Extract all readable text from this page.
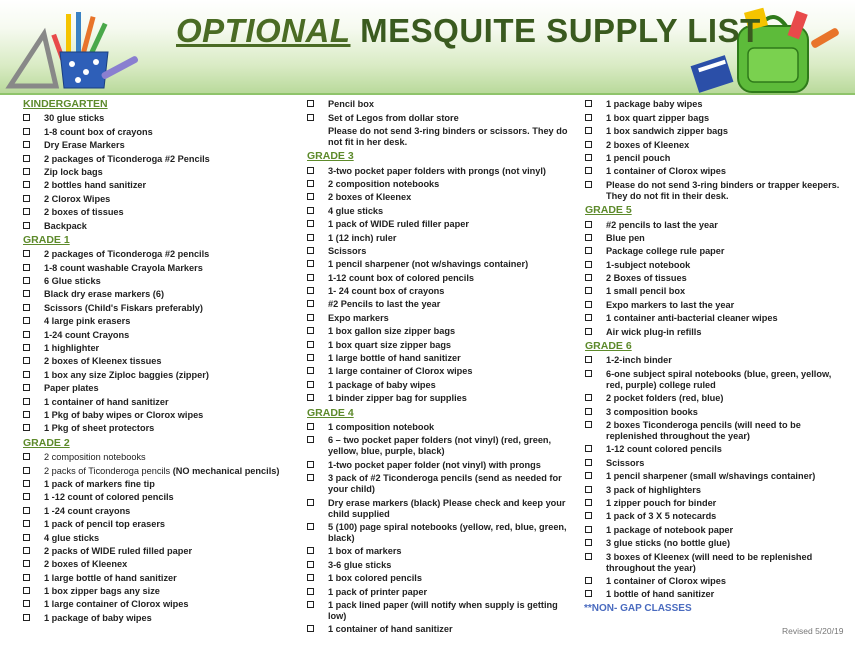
OPTIONAL MESQUITE SUPPLY LIST
KINDERGARTEN
30 glue sticks
1-8 count box of crayons
Dry Erase Markers
2 packages of Ticonderoga #2 Pencils
Zip lock bags
2 bottles hand sanitizer
2 Clorox Wipes
2 boxes of tissues
Backpack
GRADE 1
2 packages of Ticonderoga #2 pencils
1-8 count washable Crayola Markers
6 Glue sticks
Black dry erase markers (6)
Scissors (Child's Fiskars preferably)
4 large pink erasers
1-24 count Crayons
1 highlighter
2 boxes of Kleenex tissues
1 box any size Ziploc baggies (zipper)
Paper plates
1 container of hand sanitizer
1 Pkg of baby wipes or Clorox wipes
1 Pkg of sheet protectors
GRADE 2
2 composition notebooks
2 packs of Ticonderoga pencils (NO mechanical pencils)
1 pack of markers fine tip
1 -12 count of colored pencils
1 -24 count crayons
1 pack of pencil top erasers
4 glue sticks
2 packs of WIDE ruled filled paper
2 boxes of Kleenex
1 large bottle of hand sanitizer
1 box zipper bags any size
1 large container of Clorox wipes
1 package of baby wipes
Pencil box
Set of Legos from dollar store
Please do not send 3-ring binders or scissors. They do not fit in her desk.
GRADE 3
3-two pocket paper folders with prongs (not vinyl)
2 composition notebooks
2 boxes of Kleenex
4 glue sticks
1 pack of WIDE ruled filler paper
1 (12 inch) ruler
Scissors
1 pencil sharpener (not w/shavings container)
1-12 count box of colored pencils
1- 24 count box of crayons
#2 Pencils to last the year
Expo markers
1 box gallon size zipper bags
1 box quart size zipper bags
1 large bottle of hand sanitizer
1 large container of Clorox wipes
1 package of baby wipes
1 binder zipper bag for supplies
GRADE 4
1 composition notebook
6 – two pocket paper folders (not vinyl) (red, green, yellow, blue, purple, black)
1-two pocket paper folder (not vinyl) with prongs
3 pack of #2 Ticonderoga pencils (send as needed for your child)
Dry erase markers (black) Please check and keep your child supplied
5 (100) page spiral notebooks (yellow, red, blue, green, black)
1 box of markers
3-6 glue sticks
1 box colored pencils
1 pack of printer paper
1 pack lined paper (will notify when supply is getting low)
1 container of hand sanitizer
1 package baby wipes
1 box quart zipper bags
1 box sandwich zipper bags
2 boxes of Kleenex
1 pencil pouch
1 container of Clorox wipes
Please do not send 3-ring binders or trapper keepers. They do not fit in their desk.
GRADE 5
#2 pencils to last the year
Blue pen
Package college rule paper
1-subject notebook
2 Boxes of tissues
1 small pencil box
Expo markers to last the year
1 container anti-bacterial cleaner wipes
Air wick plug-in refills
GRADE 6
1-2-inch binder
6-one subject spiral notebooks (blue, green, yellow, red, purple) college ruled
2 pocket folders (red, blue)
3 composition books
2 boxes Ticonderoga pencils (will need to be replenished throughout the year)
1-12 count colored pencils
Scissors
1 pencil sharpener (small w/shavings container)
3 pack of highlighters
1 zipper pouch for binder
1 pack of 3 X 5 notecards
1 package of notebook paper
3 glue sticks (no bottle glue)
3 boxes of Kleenex (will need to be replenished throughout the year)
1 container of Clorox wipes
1 bottle of hand sanitizer
**NON- GAP CLASSES
Revised 5/20/19
